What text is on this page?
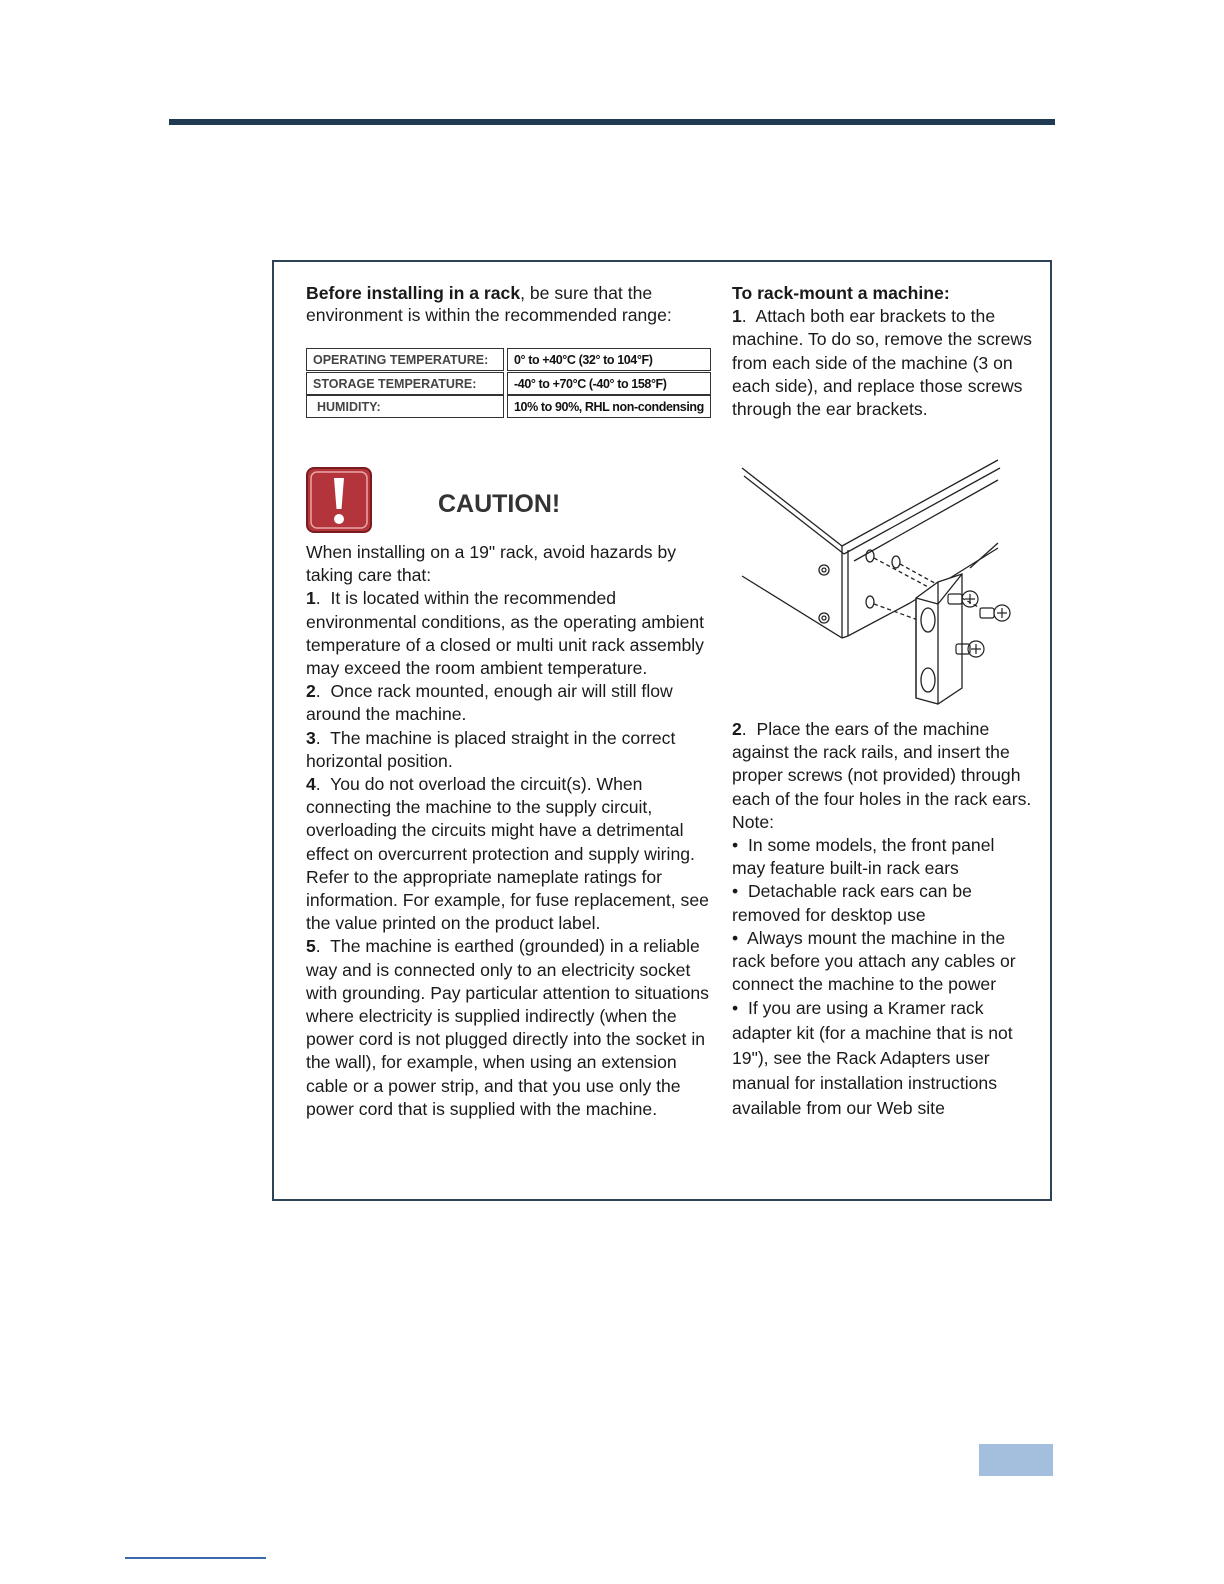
Before installing in a rack, be sure that the environment is within the recommended range:

OPERATING TEMPERATURE:		0° to +40°C (32° to 104°F)

STORAGE TEMPERATURE:		-40° to +70°C (-40° to 158°F)
HUMIDITY:		10% to 90%, RHL non-condensing
CAUTION!

When installing on a 19" rack, avoid hazards by taking care that:

1.  It is located within the recommended environmental conditions, as the operating ambient temperature of a closed or multi unit rack assembly may exceed the room ambient temperature.

2.  Once rack mounted, enough air will still flow around the machine.

3.  The machine is placed straight in the correct horizontal position.

4.  You do not overload the circuit(s). When connecting the machine to the supply circuit, overloading the circuits might have a detrimental effect on overcurrent protection and supply wiring. Refer to the appropriate nameplate ratings for information. For example, for fuse replacement, see the value printed on the product label.

5.  The machine is earthed (grounded) in a reliable way and is connected only to an electricity socket with grounding. Pay particular attention to situations where electricity is supplied indirectly (when the power cord is not plugged directly into the socket in the wall), for example, when using an extension cable or a power strip, and that you use only the power cord that is supplied with the machine.

To rack-mount a machine:

1.  Attach both ear brackets to the machine. To do so, remove the screws from each side of the machine (3 on each side), and replace those screws through the ear brackets.

2.  Place the ears of the machine against the rack rails, and insert the proper screws (not provided) through each of the four holes in the rack ears.

Note:

•  In some models, the front panel may feature built-in rack ears

•  Detachable rack ears can be removed for desktop use

•  Always mount the machine in the rack before you attach any cables or connect the machine to the power

•  If you are using a Kramer rack adapter kit (for a machine that is not 19"), see the Rack Adapters user manual for installation instructions available from our Web site
